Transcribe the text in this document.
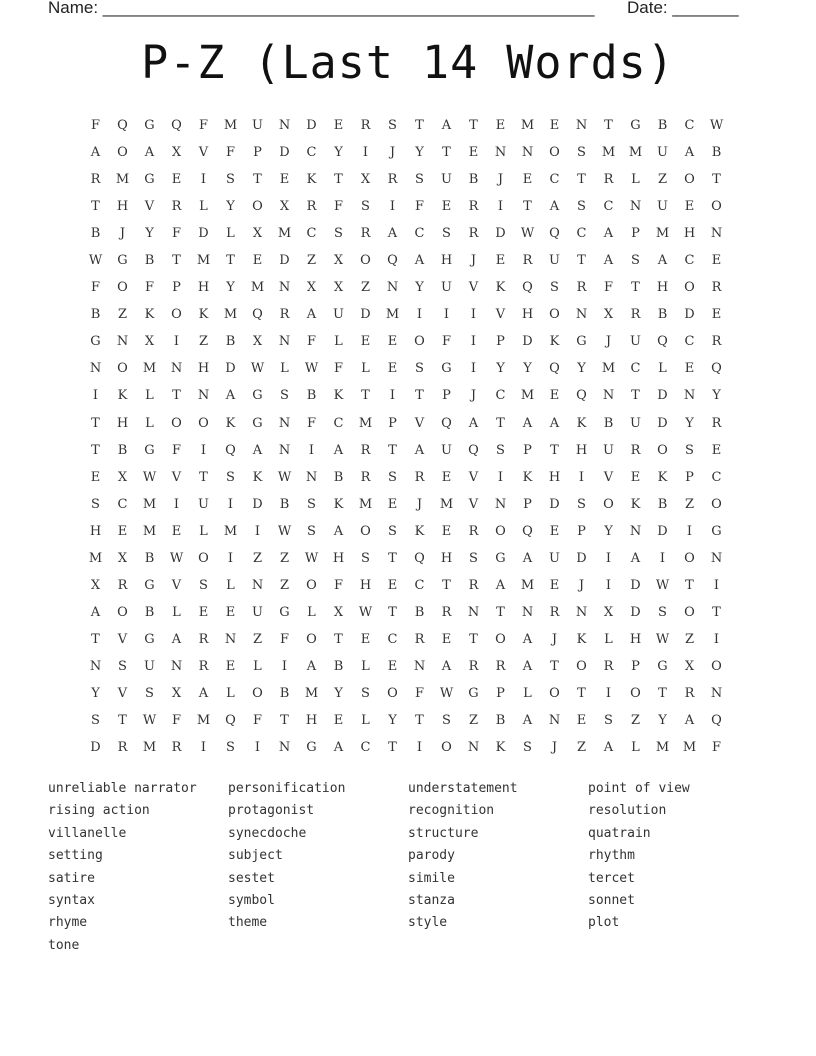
Name: ____________________________________________________ Date: _______
P-Z (Last 14 Words)
F	Q	G	Q	F	M	U	N	D	E	R	S	T	A	T	E	M	E	N	T	G	B	C	W
A	O	A	X	V	F	P	D	C	Y	I	J	Y	T	E	N	N	O	S	M	M	U	A	B
R	M	G	E	I	S	T	E	K	T	X	R	S	U	B	J	E	C	T	R	L	Z	O	T
T	H	V	R	L	Y	O	X	R	F	S	I	F	E	R	I	T	A	S	C	N	U	E	O
B	J	Y	F	D	L	X	M	C	S	R	A	C	S	R	D	W	Q	C	A	P	M	H	N
W	G	B	T	M	T	E	D	Z	X	O	Q	A	H	J	E	R	U	T	A	S	A	C	E
F	O	F	P	H	Y	M	N	X	X	Z	N	Y	U	V	K	Q	S	R	F	T	H	O	R
B	Z	K	O	K	M	Q	R	A	U	D	M	I	I	I	V	H	O	N	X	R	B	D	E
G	N	X	I	Z	B	X	N	F	L	E	E	O	F	I	P	D	K	G	J	U	Q	C	R
N	O	M	N	H	D	W	L	W	F	L	E	S	G	I	Y	Y	Q	Y	M	C	L	E	Q
I	K	L	T	N	A	G	S	B	K	T	I	T	P	J	C	M	E	Q	N	T	D	N	Y
T	H	L	O	O	K	G	N	F	C	M	P	V	Q	A	T	A	A	K	B	U	D	Y	R
T	B	G	F	I	Q	A	N	I	A	R	T	A	U	Q	S	P	T	H	U	R	O	S	E
E	X	W	V	T	S	K	W	N	B	R	S	R	E	V	I	K	H	I	V	E	K	P	C
S	C	M	I	U	I	D	B	S	K	M	E	J	M	V	N	P	D	S	O	K	B	Z	O
H	E	M	E	L	M	I	W	S	A	O	S	K	E	R	O	Q	E	P	Y	N	D	I	G
M	X	B	W	O	I	Z	Z	W	H	S	T	Q	H	S	G	A	U	D	I	A	I	O	N
X	R	G	V	S	L	N	Z	O	F	H	E	C	T	R	A	M	E	J	I	D	W	T	I
A	O	B	L	E	E	U	G	L	X	W	T	B	R	N	T	N	R	N	X	D	S	O	T
T	V	G	A	R	N	Z	F	O	T	E	C	R	E	T	O	A	J	K	L	H	W	Z	I
N	S	U	N	R	E	L	I	A	B	L	E	N	A	R	R	A	T	O	R	P	G	X	O
Y	V	S	X	A	L	O	B	M	Y	S	O	F	W	G	P	L	O	T	I	O	T	R	N
S	T	W	F	M	Q	F	T	H	E	L	Y	T	S	Z	B	A	N	E	S	Z	Y	A	Q
D	R	M	R	I	S	I	N	G	A	C	T	I	O	N	K	S	J	Z	A	L	M	M	F
unreliable narrator	personification	understatement	point of view
rising action	protagonist	recognition	resolution
villanelle	synecdoche	structure	quatrain
setting	subject	parody	rhythm
satire	sestet	simile	tercet
syntax	symbol	stanza	sonnet
rhyme	theme	style	plot
tone
